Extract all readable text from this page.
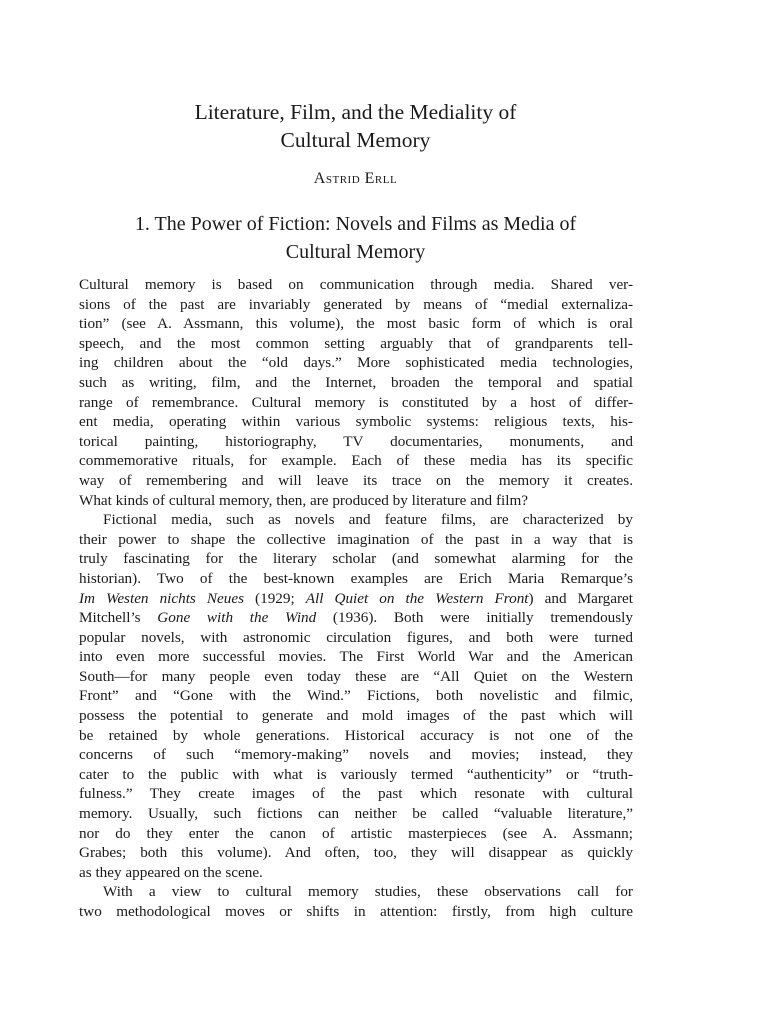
Literature, Film, and the Mediality of
Cultural Memory
Astrid Erll
1. The Power of Fiction: Novels and Films as Media of
Cultural Memory

Cultural memory is based on communication through media. Shared ver-
sions of the past are invariably generated by means of “medial externaliza-
tion” (see A. Assmann, this volume), the most basic form of which is oral
speech, and the most common setting arguably that of grandparents tell-
ing children about the “old days.” More sophisticated media technologies,
such as writing, film, and the Internet, broaden the temporal and spatial
range of remembrance. Cultural memory is constituted by a host of differ-
ent media, operating within various symbolic systems: religious texts, his-
torical painting, historiography, TV documentaries, monuments, and
commemorative rituals, for example. Each of these media has its specific
way of remembering and will leave its trace on the memory it creates.
What kinds of cultural memory, then, are produced by literature and film?

Fictional media, such as novels and feature films, are characterized by
their power to shape the collective imagination of the past in a way that is
truly fascinating for the literary scholar (and somewhat alarming for the
historian). Two of the best-known examples are Erich Maria Remarque’s
Im Westen nichts Neues (1929; All Quiet on the Western Front) and Margaret
Mitchell’s Gone with the Wind (1936). Both were initially tremendously
popular novels, with astronomic circulation figures, and both were turned
into even more successful movies. The First World War and the American
South—for many people even today these are “All Quiet on the Western
Front” and “Gone with the Wind.” Fictions, both novelistic and filmic,
possess the potential to generate and mold images of the past which will
be retained by whole generations. Historical accuracy is not one of the
concerns of such “memory-making” novels and movies; instead, they
cater to the public with what is variously termed “authenticity” or “truth-
fulness.” They create images of the past which resonate with cultural
memory. Usually, such fictions can neither be called “valuable literature,”
nor do they enter the canon of artistic masterpieces (see A. Assmann;
Grabes; both this volume). And often, too, they will disappear as quickly
as they appeared on the scene.

With a view to cultural memory studies, these observations call for
two methodological moves or shifts in attention: firstly, from high culture
